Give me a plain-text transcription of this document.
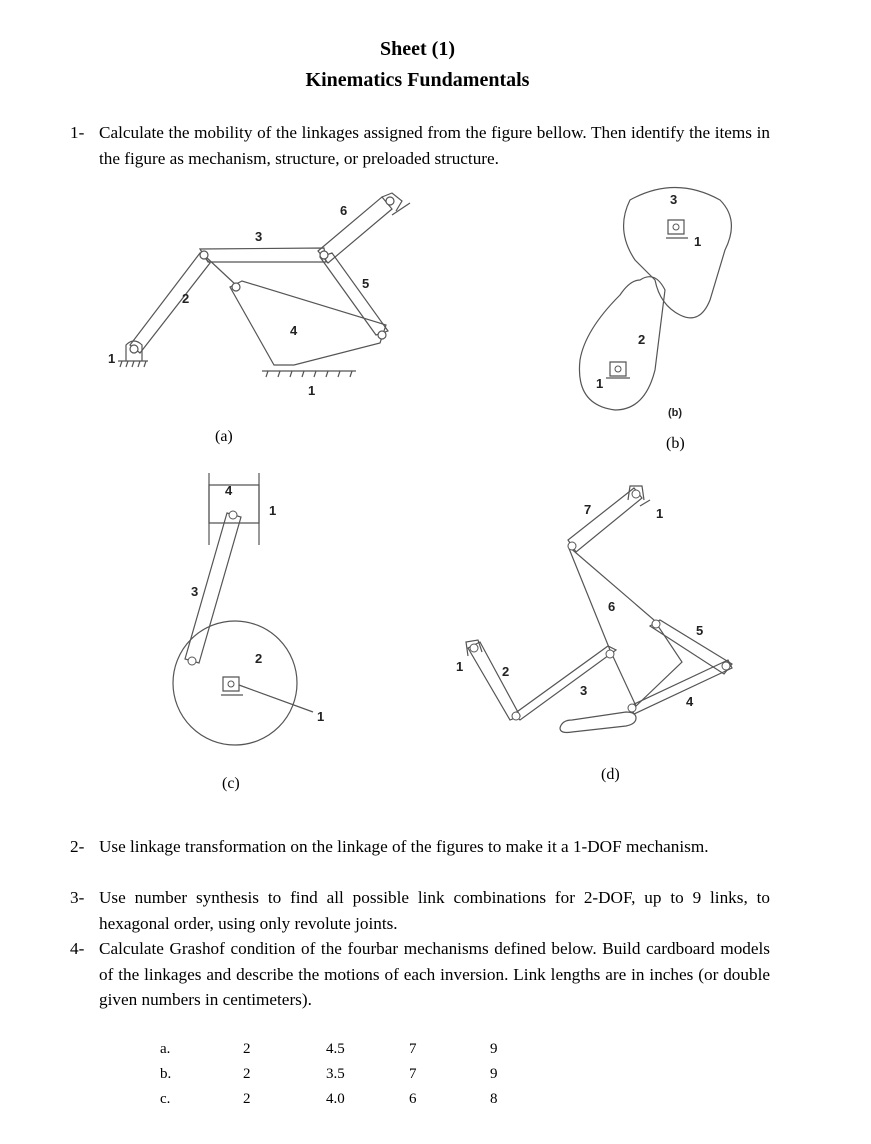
Sheet (1)
Kinematics Fundamentals
1- Calculate the mobility of the linkages assigned from the figure bellow. Then identify the items in the figure as mechanism, structure, or preloaded structure.
1
2
3
4
5
6
1
(a)
3
1
2
1
(b)
(b)
4
1
3
2
1
(c)
7	1
6
5
1	2
3
4
(d)
2- Use linkage transformation on the linkage of the figures to make it a 1-DOF mechanism.
3- Use number synthesis to find all possible link combinations for 2-DOF, up to 9 links, to hexagonal order, using only revolute joints.
4- Calculate Grashof condition of the fourbar mechanisms defined below. Build cardboard models of the linkages and describe the motions of each inversion. Link lengths are in inches (or double given numbers in centimeters).
a.	2	4.5	7	9
b.	2	3.5	7	9
c.	2	4.0	6	8
